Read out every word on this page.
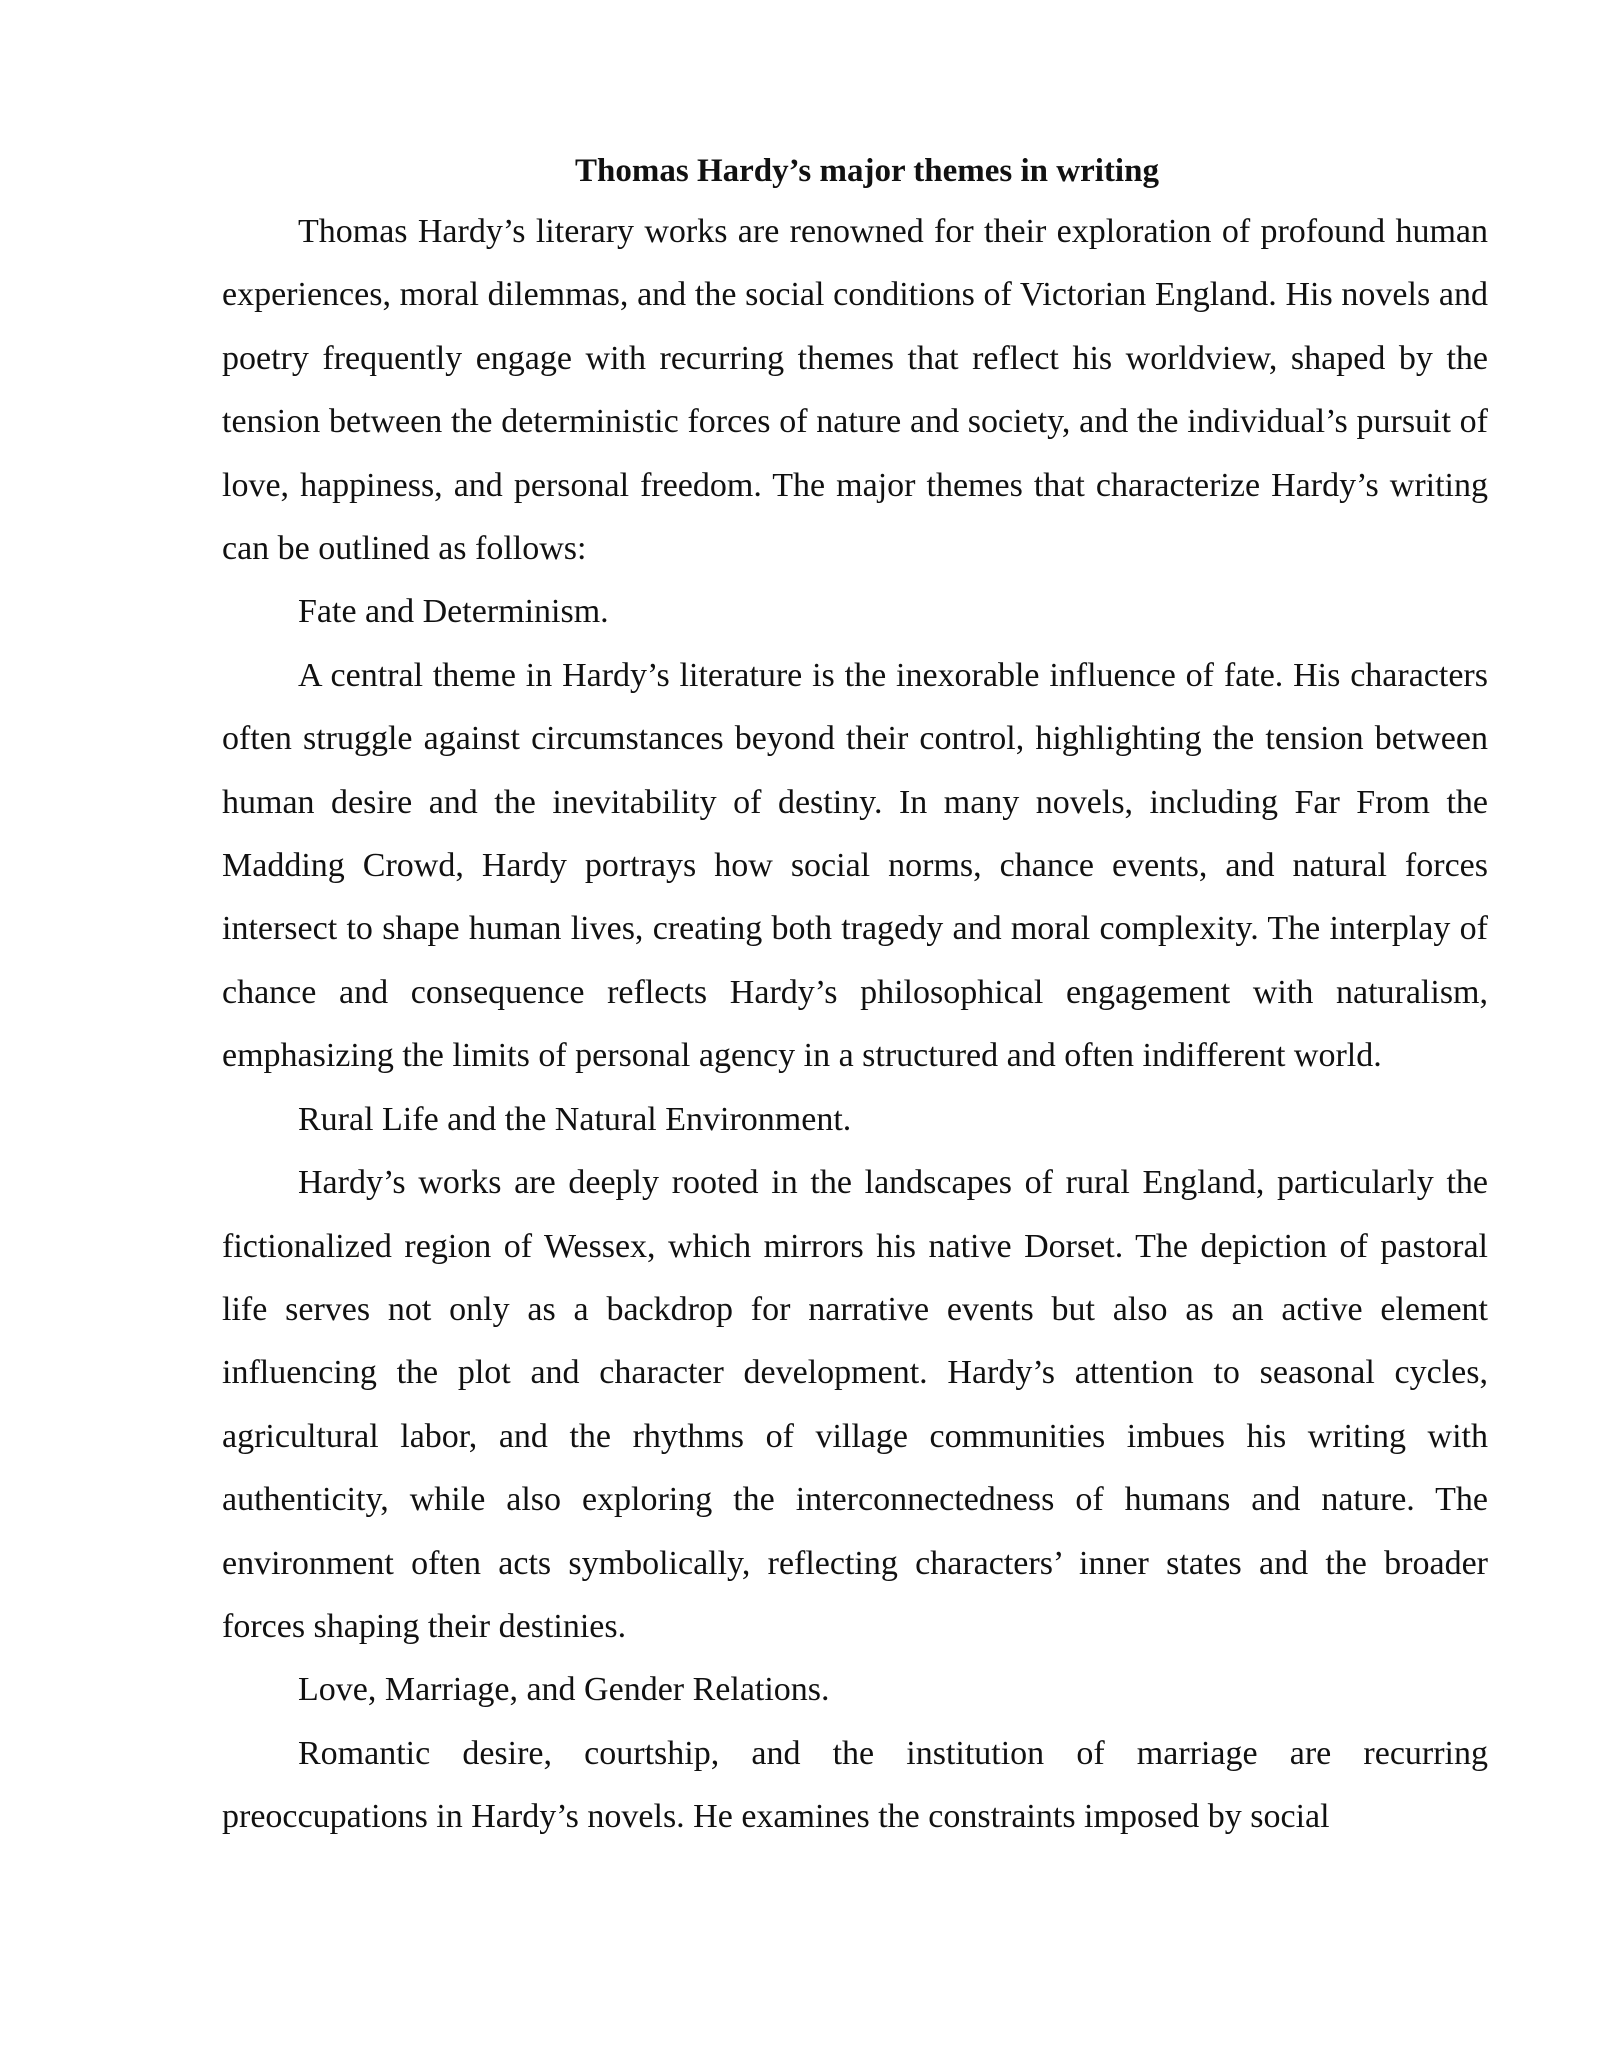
Thomas Hardy’s major themes in writing

Thomas Hardy’s literary works are renowned for their exploration of profound human experiences, moral dilemmas, and the social conditions of Victorian England. His novels and poetry frequently engage with recurring themes that reflect his worldview, shaped by the tension between the deterministic forces of nature and society, and the individual’s pursuit of love, happiness, and personal freedom. The major themes that characterize Hardy’s writing can be outlined as follows:

Fate and Determinism.

A central theme in Hardy’s literature is the inexorable influence of fate. His characters often struggle against circumstances beyond their control, highlighting the tension between human desire and the inevitability of destiny. In many novels, including Far From the Madding Crowd, Hardy portrays how social norms, chance events, and natural forces intersect to shape human lives, creating both tragedy and moral complexity. The interplay of chance and consequence reflects Hardy’s philosophical engagement with naturalism, emphasizing the limits of personal agency in a structured and often indifferent world.

Rural Life and the Natural Environment.

Hardy’s works are deeply rooted in the landscapes of rural England, particularly the fictionalized region of Wessex, which mirrors his native Dorset. The depiction of pastoral life serves not only as a backdrop for narrative events but also as an active element influencing the plot and character development. Hardy’s attention to seasonal cycles, agricultural labor, and the rhythms of village communities imbues his writing with authenticity, while also exploring the interconnectedness of humans and nature. The environment often acts symbolically, reflecting characters’ inner states and the broader forces shaping their destinies.

Love, Marriage, and Gender Relations.

Romantic desire, courtship, and the institution of marriage are recurring preoccupations in Hardy’s novels. He examines the constraints imposed by social
